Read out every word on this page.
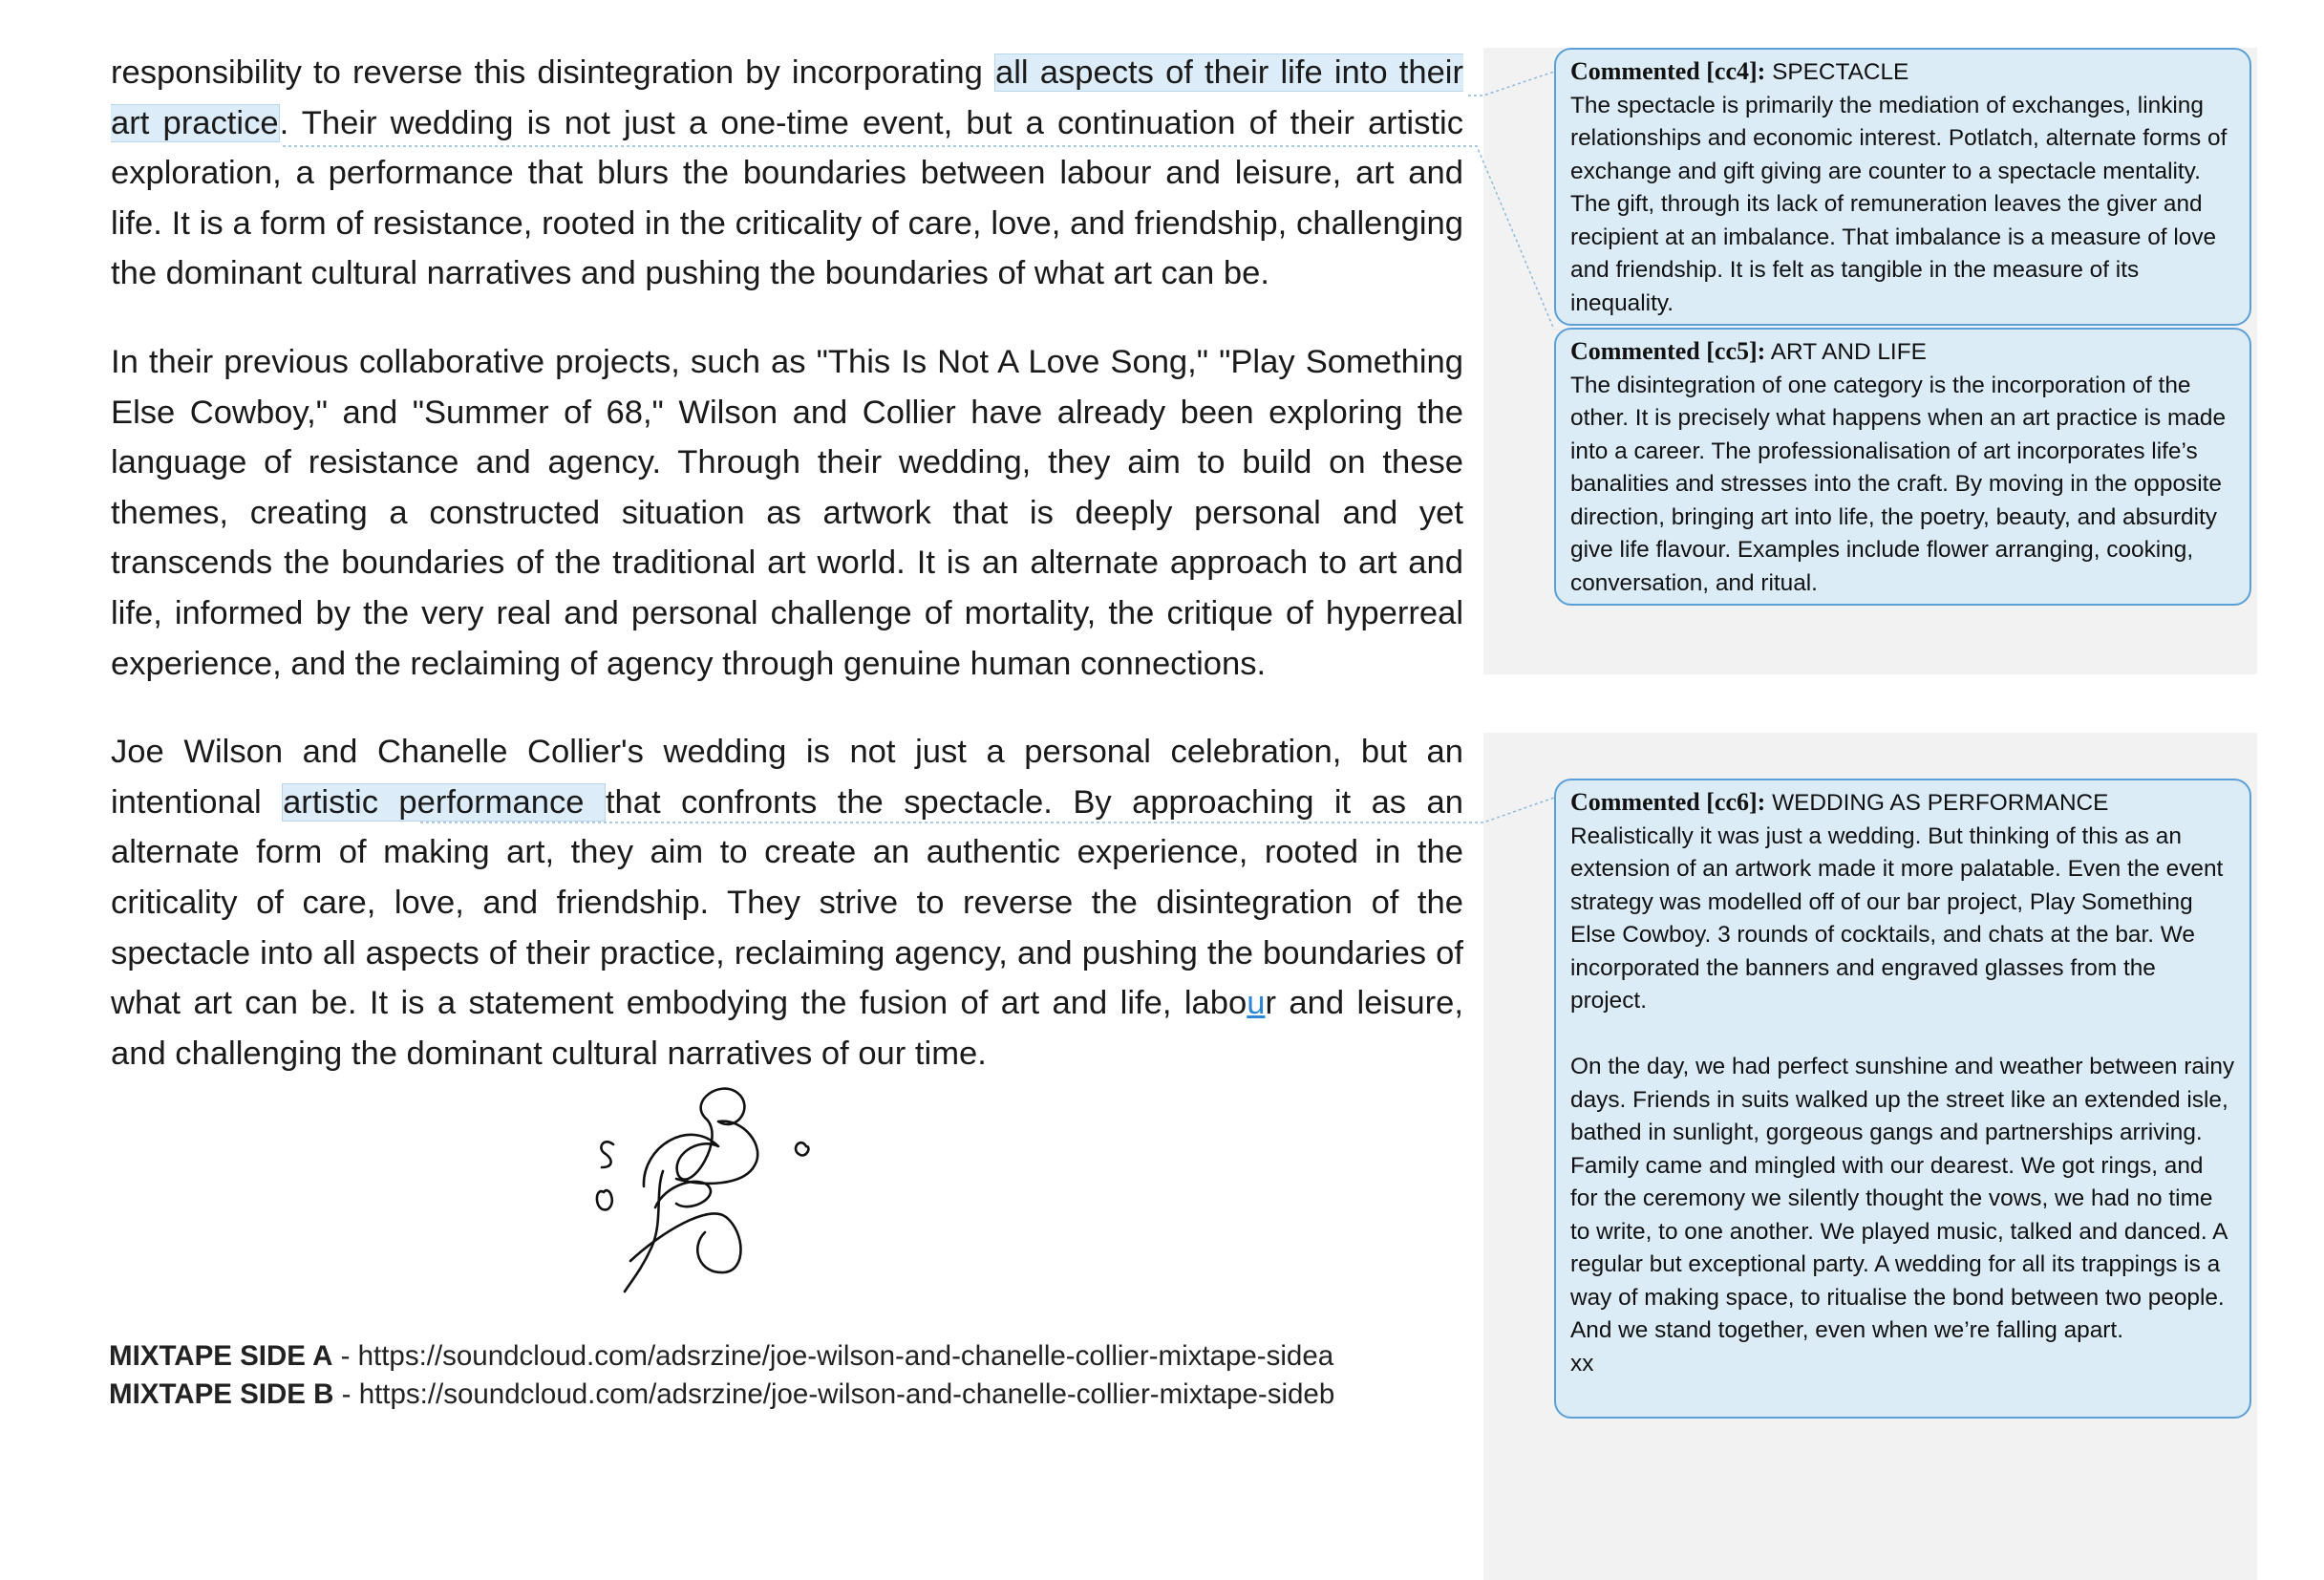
responsibility to reverse this disintegration by incorporating all aspects of their life into their art practice. Their wedding is not just a one-time event, but a continuation of their artistic exploration, a performance that blurs the boundaries between labour and leisure, art and life. It is a form of resistance, rooted in the criticality of care, love, and friendship, challenging the dominant cultural narratives and pushing the boundaries of what art can be.

In their previous collaborative projects, such as "This Is Not A Love Song," "Play Something Else Cowboy," and "Summer of 68," Wilson and Collier have already been exploring the language of resistance and agency. Through their wedding, they aim to build on these themes, creating a constructed situation as artwork that is deeply personal and yet transcends the boundaries of the traditional art world. It is an alternate approach to art and life, informed by the very real and personal challenge of mortality, the critique of hyperreal experience, and the reclaiming of agency through genuine human connections.

Joe Wilson and Chanelle Collier's wedding is not just a personal celebration, but an intentional artistic performance that confronts the spectacle. By approaching it as an alternate form of making art, they aim to create an authentic experience, rooted in the criticality of care, love, and friendship. They strive to reverse the disintegration of the spectacle into all aspects of their practice, reclaiming agency, and pushing the boundaries of what art can be. It is a statement embodying the fusion of art and life, labour and leisure, and challenging the dominant cultural narratives of our time.

MIXTAPE SIDE A - https://soundcloud.com/adsrzine/joe-wilson-and-chanelle-collier-mixtape-sidea
MIXTAPE SIDE B - https://soundcloud.com/adsrzine/joe-wilson-and-chanelle-collier-mixtape-sideb

Commented [cc4]: SPECTACLE

The spectacle is primarily the mediation of exchanges, linking relationships and economic interest. Potlatch, alternate forms of exchange and gift giving are counter to a spectacle mentality. The gift, through its lack of remuneration leaves the giver and recipient at an imbalance. That imbalance is a measure of love and friendship. It is felt as tangible in the measure of its inequality.

Commented [cc5]: ART AND LIFE

The disintegration of one category is the incorporation of the other. It is precisely what happens when an art practice is made into a career. The professionalisation of art incorporates life’s banalities and stresses into the craft. By moving in the opposite direction, bringing art into life, the poetry, beauty, and absurdity give life flavour. Examples include flower arranging, cooking, conversation, and ritual.

Commented [cc6]: WEDDING AS PERFORMANCE

Realistically it was just a wedding. But thinking of this as an extension of an artwork made it more palatable. Even the event strategy was modelled off of our bar project, Play Something Else Cowboy. 3 rounds of cocktails, and chats at the bar. We incorporated the banners and engraved glasses from the project.

On the day, we had perfect sunshine and weather between rainy days. Friends in suits walked up the street like an extended isle, bathed in sunlight, gorgeous gangs and partnerships arriving. Family came and mingled with our dearest. We got rings, and for the ceremony we silently thought the vows, we had no time to write, to one another. We played music, talked and danced. A regular but exceptional party. A wedding for all its trappings is a way of making space, to ritualise the bond between two people. And we stand together, even when we’re falling apart.

xx
